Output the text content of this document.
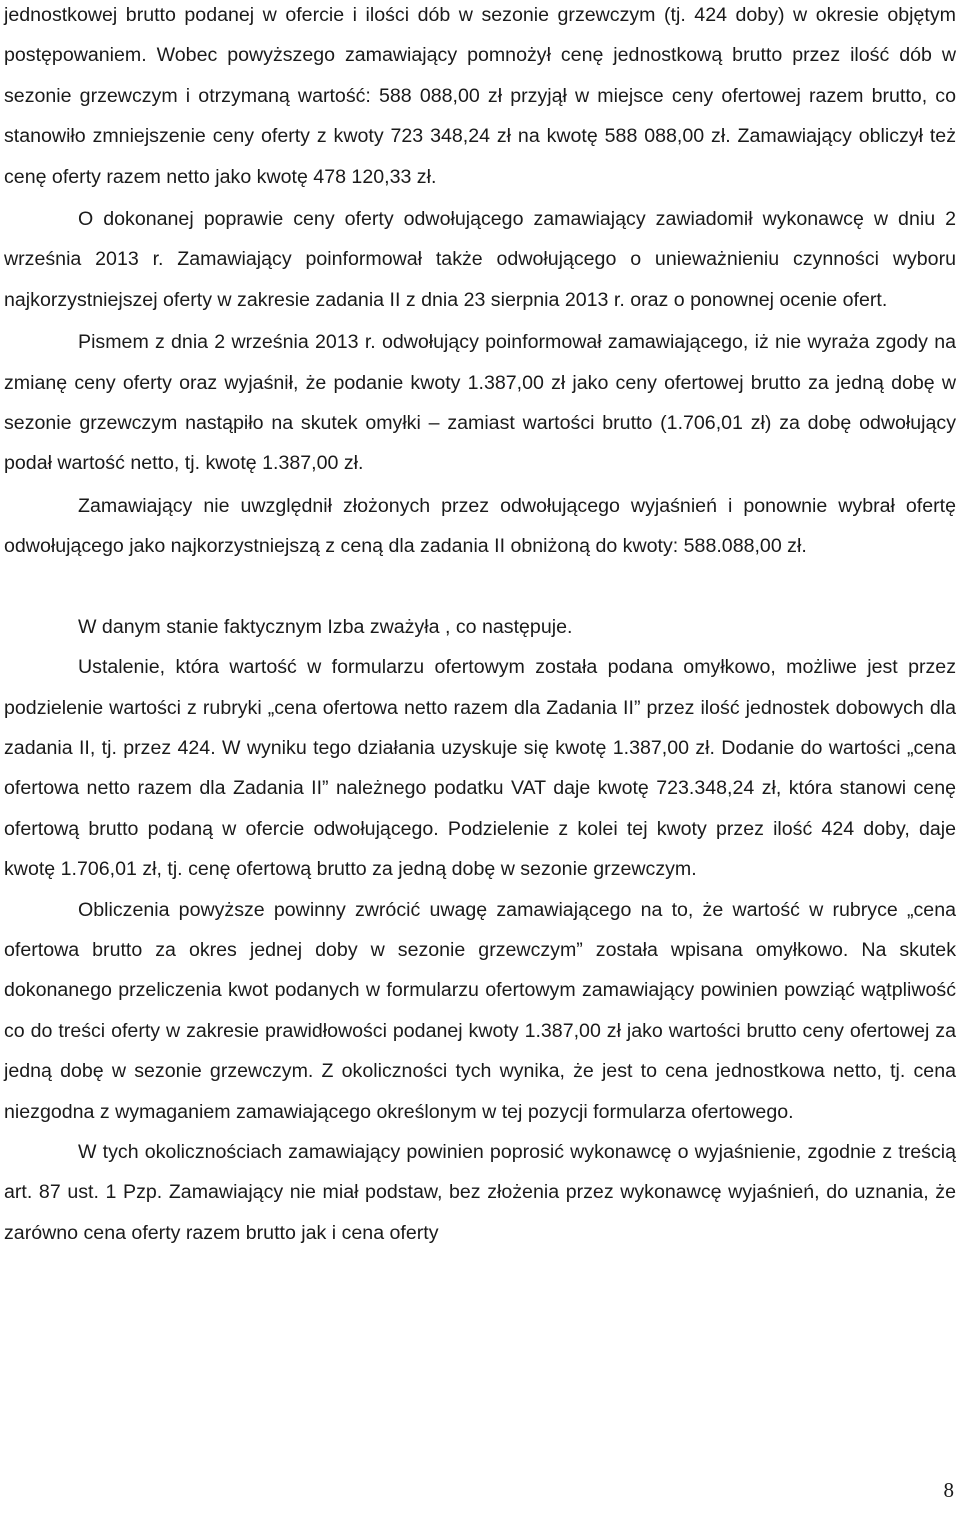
jednostkowej brutto podanej w ofercie i ilości dób w sezonie grzewczym (tj. 424 doby) w okresie objętym postępowaniem. Wobec powyższego zamawiający pomnożył cenę jednostkową brutto przez ilość dób w sezonie grzewczym i otrzymaną wartość: 588 088,00 zł przyjął w miejsce ceny ofertowej razem brutto, co stanowiło zmniejszenie ceny oferty z kwoty 723 348,24 zł na kwotę 588 088,00 zł. Zamawiający obliczył też cenę oferty razem netto jako kwotę 478 120,33 zł.

O dokonanej poprawie ceny oferty odwołującego zamawiający zawiadomił wykonawcę w dniu 2 września 2013 r. Zamawiający poinformował także odwołującego o unieważnieniu czynności wyboru najkorzystniejszej oferty w zakresie zadania II z dnia 23 sierpnia 2013 r. oraz o ponownej ocenie ofert.

Pismem z dnia 2 września 2013 r. odwołujący poinformował zamawiającego, iż nie wyraża zgody na zmianę ceny oferty oraz wyjaśnił, że podanie kwoty 1.387,00 zł jako ceny ofertowej brutto za jedną dobę w sezonie grzewczym nastąpiło na skutek omyłki – zamiast wartości brutto (1.706,01 zł) za dobę odwołujący podał wartość netto, tj. kwotę 1.387,00 zł.

Zamawiający nie uwzględnił złożonych przez odwołującego wyjaśnień i ponownie wybrał ofertę odwołującego jako najkorzystniejszą z ceną dla zadania II obniżoną do kwoty: 588.088,00 zł.

W danym stanie faktycznym Izba zważyła , co następuje.

Ustalenie, która wartość w formularzu ofertowym została podana omyłkowo, możliwe jest przez podzielenie wartości z rubryki „cena ofertowa netto razem dla Zadania II” przez ilość jednostek dobowych dla zadania II, tj. przez 424. W wyniku tego działania uzyskuje się kwotę 1.387,00 zł. Dodanie do wartości „cena ofertowa netto razem dla Zadania II” należnego podatku VAT daje kwotę 723.348,24 zł, która stanowi cenę ofertową brutto podaną w ofercie odwołującego. Podzielenie z kolei tej kwoty przez ilość 424 doby, daje kwotę 1.706,01 zł, tj. cenę ofertową brutto za jedną dobę w sezonie grzewczym.

Obliczenia powyższe powinny zwrócić uwagę zamawiającego na to, że wartość w rubryce „cena ofertowa brutto za okres jednej doby w sezonie grzewczym” została wpisana omyłkowo. Na skutek dokonanego przeliczenia kwot podanych w formularzu ofertowym zamawiający powinien powziąć wątpliwość co do treści oferty w zakresie prawidłowości podanej kwoty 1.387,00 zł jako wartości brutto ceny ofertowej za jedną dobę w sezonie grzewczym. Z okoliczności tych wynika, że jest to cena jednostkowa netto, tj. cena niezgodna z wymaganiem zamawiającego określonym w tej pozycji formularza ofertowego.

W tych okolicznościach zamawiający powinien poprosić wykonawcę o wyjaśnienie, zgodnie z treścią art. 87 ust. 1 Pzp. Zamawiający nie miał podstaw, bez złożenia przez wykonawcę wyjaśnień, do uznania, że zarówno cena oferty razem brutto jak i cena oferty

8
